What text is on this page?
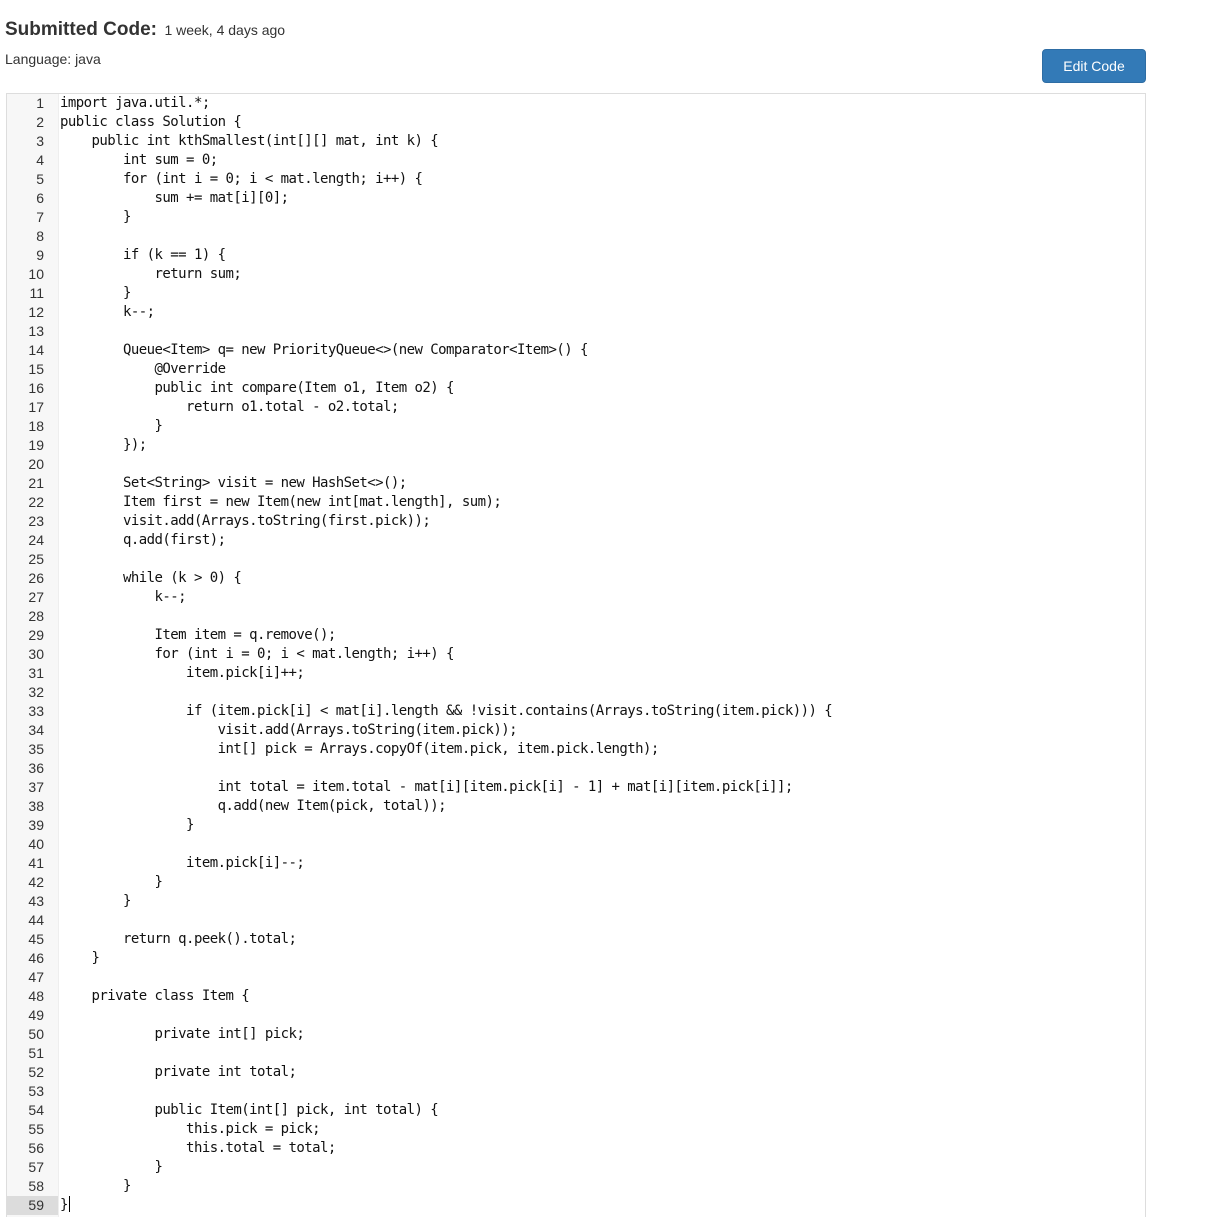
Submitted Code: 1 week, 4 days ago
Language: java	Edit Code
1 import java.util.*;
2 public class Solution {
3 public int kthSmallest(int[][] mat, int k) {
4 int sum = 0;
5 for (int i = 0; i < mat.length; i++) {
6 sum += mat[i][0];
7 }
8
9 if (k == 1) {
10 return sum;
11 }
12 k--;
13
14 Queue<Item> q= new PriorityQueue<>(new Comparator<Item>() {
15 @Override
16 public int compare(Item o1, Item o2) {
17 return o1.total - o2.total;
18 }
19 });
20
21 Set<String> visit = new HashSet<>();
22 Item first = new Item(new int[mat.length], sum);
23 visit.add(Arrays.toString(first.pick));
24 q.add(first);
25
26 while (k > 0) {
27 k--;
28
29 Item item = q.remove();
30 for (int i = 0; i < mat.length; i++) {
31 item.pick[i]++;
32
33 if (item.pick[i] < mat[i].length && !visit.contains(Arrays.toString(item.pick))) {
34 visit.add(Arrays.toString(item.pick));
35 int[] pick = Arrays.copyOf(item.pick, item.pick.length);
36
37 int total = item.total - mat[i][item.pick[i] - 1] + mat[i][item.pick[i]];
38 q.add(new Item(pick, total));
39 }
40
41 item.pick[i]--;
42 }
43 }
44
45 return q.peek().total;
46 }
47
48 private class Item {
49
50 private int[] pick;
51
52 private int total;
53
54 public Item(int[] pick, int total) {
55 this.pick = pick;
56 this.total = total;
57 }
58 }
59 }
